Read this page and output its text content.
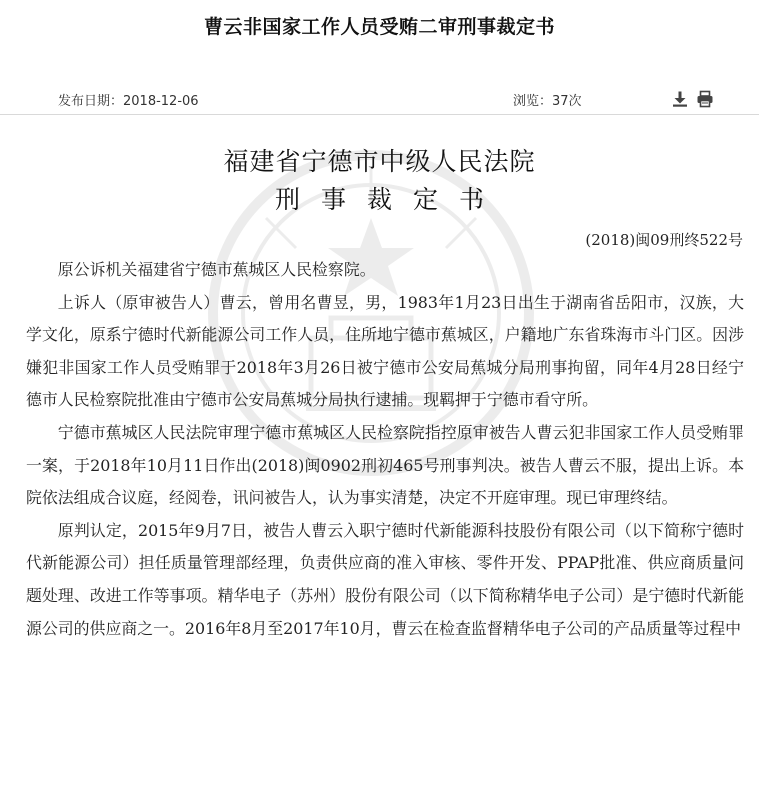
曹云非国家工作人员受贿二审刑事裁定书
发布日期：2018-12-06	浏览：37次
福建省宁德市中级人民法院
刑事裁定书
(2018)闽09刑终522号

原公诉机关福建省宁德市蕉城区人民检察院。

上诉人（原审被告人）曹云，曾用名曹昱，男，1983年1月23日出生于湖南省岳阳市，汉族，大学文化，原系宁德时代新能源公司工作人员，住所地宁德市蕉城区，户籍地广东省珠海市斗门区。因涉嫌犯非国家工作人员受贿罪于2018年3月26日被宁德市公安局蕉城分局刑事拘留，同年4月28日经宁德市人民检察院批准由宁德市公安局蕉城分局执行逮捕。现羁押于宁德市看守所。

宁德市蕉城区人民法院审理宁德市蕉城区人民检察院指控原审被告人曹云犯非国家工作人员受贿罪一案，于2018年10月11日作出(2018)闽0902刑初465号刑事判决。被告人曹云不服，提出上诉。本院依法组成合议庭，经阅卷，讯问被告人，认为事实清楚，决定不开庭审理。现已审理终结。

原判认定，2015年9月7日，被告人曹云入职宁德时代新能源科技股份有限公司（以下简称宁德时代新能源公司）担任质量管理部经理，负责供应商的准入审核、零件开发、PPAP批准、供应商质量问题处理、改进工作等事项。精华电子（苏州）股份有限公司（以下简称精华电子公司）是宁德时代新能源公司的供应商之一。2016年8月至2017年10月，曹云在检查监督精华电子公司的产品质量等过程中
